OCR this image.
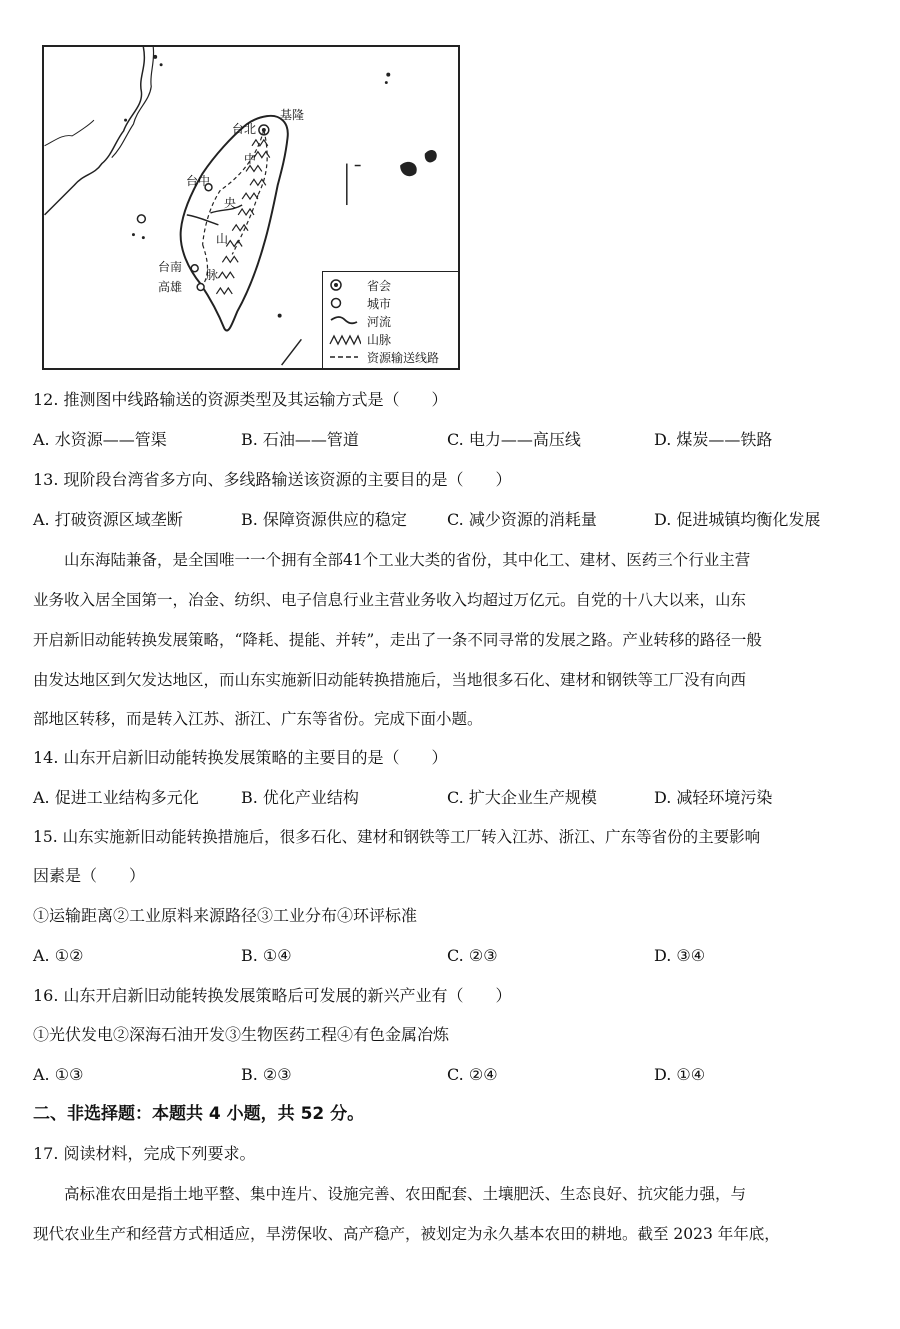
台北
基隆
台中
台南
高雄
中
央
山
脉
省会
城市
河流
山脉
资源输送线路
12. 推测图中线路输送的资源类型及其运输方式是（　　）
A. 水资源——管渠	B. 石油——管道	C. 电力——高压线	D. 煤炭——铁路
13. 现阶段台湾省多方向、多线路输送该资源的主要目的是（　　）
A. 打破资源区域垄断	B. 保障资源供应的稳定	C. 减少资源的消耗量	D. 促进城镇均衡化发展
　　山东海陆兼备，是全国唯一一个拥有全部41个工业大类的省份，其中化工、建材、医药三个行业主营
业务收入居全国第一，冶金、纺织、电子信息行业主营业务收入均超过万亿元。自党的十八大以来，山东
开启新旧动能转换发展策略，“降耗、提能、并转”，走出了一条不同寻常的发展之路。产业转移的路径一般
由发达地区到欠发达地区，而山东实施新旧动能转换措施后，当地很多石化、建材和钢铁等工厂没有向西
部地区转移，而是转入江苏、浙江、广东等省份。完成下面小题。
14. 山东开启新旧动能转换发展策略的主要目的是（　　）
A. 促进工业结构多元化	B. 优化产业结构	C. 扩大企业生产规模	D. 减轻环境污染
15. 山东实施新旧动能转换措施后，很多石化、建材和钢铁等工厂转入江苏、浙江、广东等省份的主要影响
因素是（　　）
①运输距离②工业原料来源路径③工业分布④环评标准
A. ①②	B. ①④	C. ②③	D. ③④
16. 山东开启新旧动能转换发展策略后可发展的新兴产业有（　　）
①光伏发电②深海石油开发③生物医药工程④有色金属冶炼
A. ①③	B. ②③	C. ②④	D. ①④
二、非选择题：本题共 4 小题，共 52 分。
17. 阅读材料，完成下列要求。
　　高标准农田是指土地平整、集中连片、设施完善、农田配套、土壤肥沃、生态良好、抗灾能力强，与
现代农业生产和经营方式相适应，旱涝保收、高产稳产，被划定为永久基本农田的耕地。截至 2023 年年底，
